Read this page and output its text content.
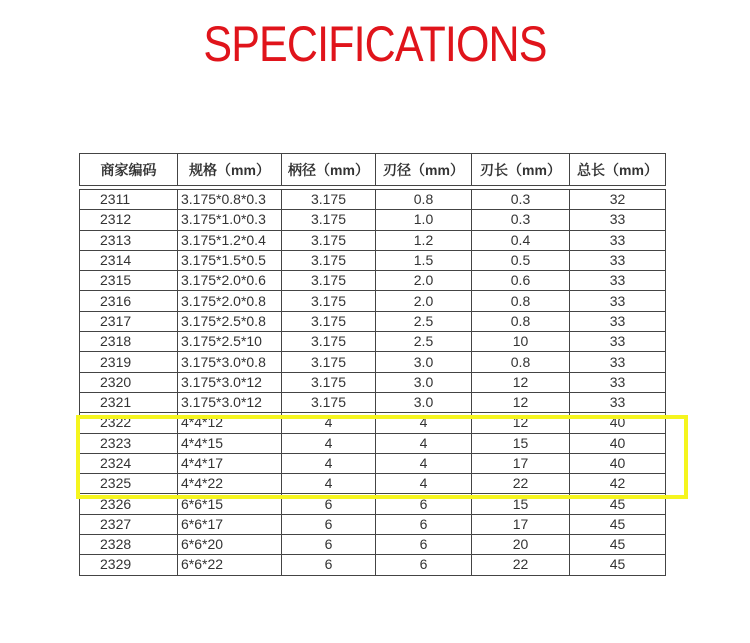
SPECIFICATIONS
商家编码	规格（mm）	柄径（mm）	刃径（mm）	刃长（mm）	总长（mm）

2311	3.175*0.8*0.3	3.175	0.8	0.3	32
2312	3.175*1.0*0.3	3.175	1.0	0.3	33
2313	3.175*1.2*0.4	3.175	1.2	0.4	33
2314	3.175*1.5*0.5	3.175	1.5	0.5	33
2315	3.175*2.0*0.6	3.175	2.0	0.6	33
2316	3.175*2.0*0.8	3.175	2.0	0.8	33
2317	3.175*2.5*0.8	3.175	2.5	0.8	33
2318	3.175*2.5*10	3.175	2.5	10	33
2319	3.175*3.0*0.8	3.175	3.0	0.8	33
2320	3.175*3.0*12	3.175	3.0	12	33
2321	3.175*3.0*12	3.175	3.0	12	33
2322	4*4*12	4	4	12	40
2323	4*4*15	4	4	15	40
2324	4*4*17	4	4	17	40
2325	4*4*22	4	4	22	42
2326	6*6*15	6	6	15	45
2327	6*6*17	6	6	17	45
2328	6*6*20	6	6	20	45
2329	6*6*22	6	6	22	45
